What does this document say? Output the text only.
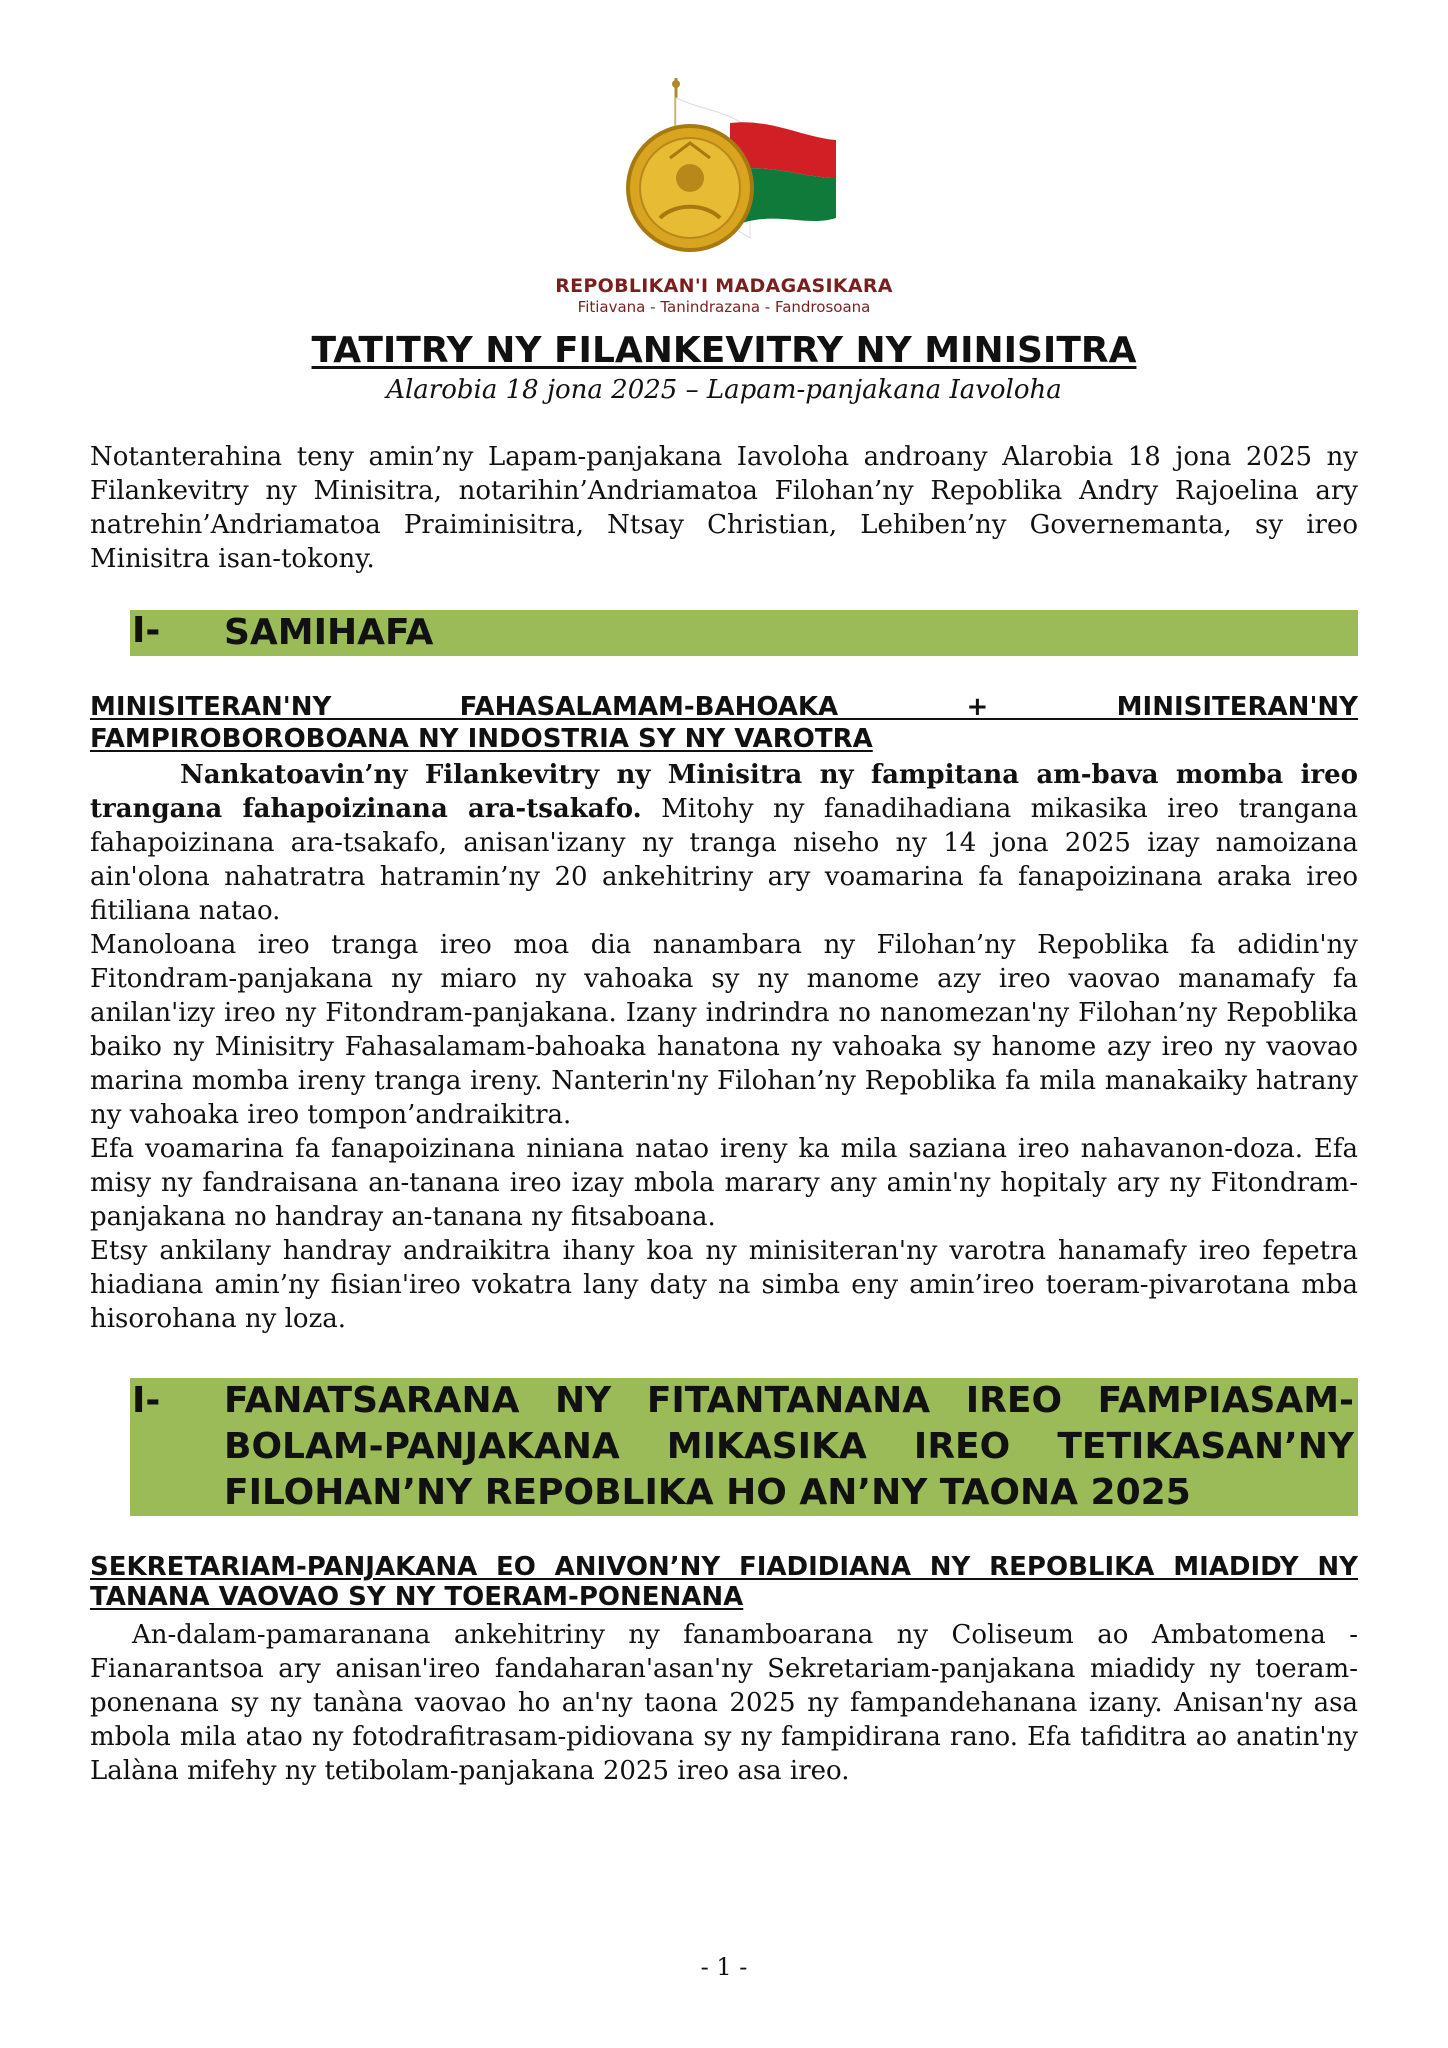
REPOBLIKAN'I MADAGASIKARA
Fitiavana - Tanindrazana - Fandrosoana
TATITRY NY FILANKEVITRY NY MINISITRA
Alarobia 18 jona 2025 – Lapam-panjakana Iavoloha
Notanterahina teny amin’ny Lapam-panjakana Iavoloha androany Alarobia 18 jona 2025 ny Filankevitry ny Minisitra, notarihin’Andriamatoa Filohan’ny Repoblika Andry Rajoelina ary natrehin’Andriamatoa Praiminisitra, Ntsay Christian, Lehiben’ny Governemanta, sy ireo Minisitra isan-tokony.
I-	SAMIHAFA
MINISITERAN'NY FAHASALAMAM-BAHOAKA + MINISITERAN'NY
FAMPIROBOROBOANA NY INDOSTRIA SY NY VAROTRA
Nankatoavin’ny Filankevitry ny Minisitra ny fampitana am-bava momba ireo trangana fahapoizinana ara-tsakafo. Mitohy ny fanadihadiana mikasika ireo trangana fahapoizinana ara-tsakafo, anisan'izany ny tranga niseho ny 14 jona 2025 izay namoizana ain'olona nahatratra hatramin’ny 20 ankehitriny ary voamarina fa fanapoizinana araka ireo fitiliana natao.
Manoloana ireo tranga ireo moa dia nanambara ny Filohan’ny Repoblika fa adidin'ny Fitondram-panjakana ny miaro ny vahoaka sy ny manome azy ireo vaovao manamafy fa anilan'izy ireo ny Fitondram-panjakana. Izany indrindra no nanomezan'ny Filohan’ny Repoblika baiko ny Minisitry Fahasalamam-bahoaka hanatona ny vahoaka sy hanome azy ireo ny vaovao marina momba ireny tranga ireny. Nanterin'ny Filohan’ny Repoblika fa mila manakaiky hatrany ny vahoaka ireo tompon’andraikitra.
Efa voamarina fa fanapoizinana niniana natao ireny ka mila saziana ireo nahavanon-doza. Efa misy ny fandraisana an-tanana ireo izay mbola marary any amin'ny hopitaly ary ny Fitondram-panjakana no handray an-tanana ny fitsaboana.
Etsy ankilany handray andraikitra ihany koa ny minisiteran'ny varotra hanamafy ireo fepetra hiadiana amin’ny fisian'ireo vokatra lany daty na simba eny amin’ireo toeram-pivarotana mba hisorohana ny loza.
I-	FANATSARANA NY FITANTANANA IREO FAMPIASAM-BOLAM-PANJAKANA MIKASIKA IREO TETIKASAN’NY FILOHAN’NY REPOBLIKA HO AN’NY TAONA 2025
SEKRETARIAM-PANJAKANA EO ANIVON’NY FIADIDIANA NY REPOBLIKA MIADIDY NY TANANA VAOVAO SY NY TOERAM-PONENANA
An-dalam-pamaranana ankehitriny ny fanamboarana ny Coliseum ao Ambatomena - Fianarantsoa ary anisan'ireo fandaharan'asan'ny Sekretariam-panjakana miadidy ny toeram-ponenana sy ny tanàna vaovao ho an'ny taona 2025 ny fampandehanana izany. Anisan'ny asa mbola mila atao ny fotodrafitrasam-pidiovana sy ny fampidirana rano. Efa tafiditra ao anatin'ny Lalàna mifehy ny tetibolam-panjakana 2025 ireo asa ireo.
- 1 -
